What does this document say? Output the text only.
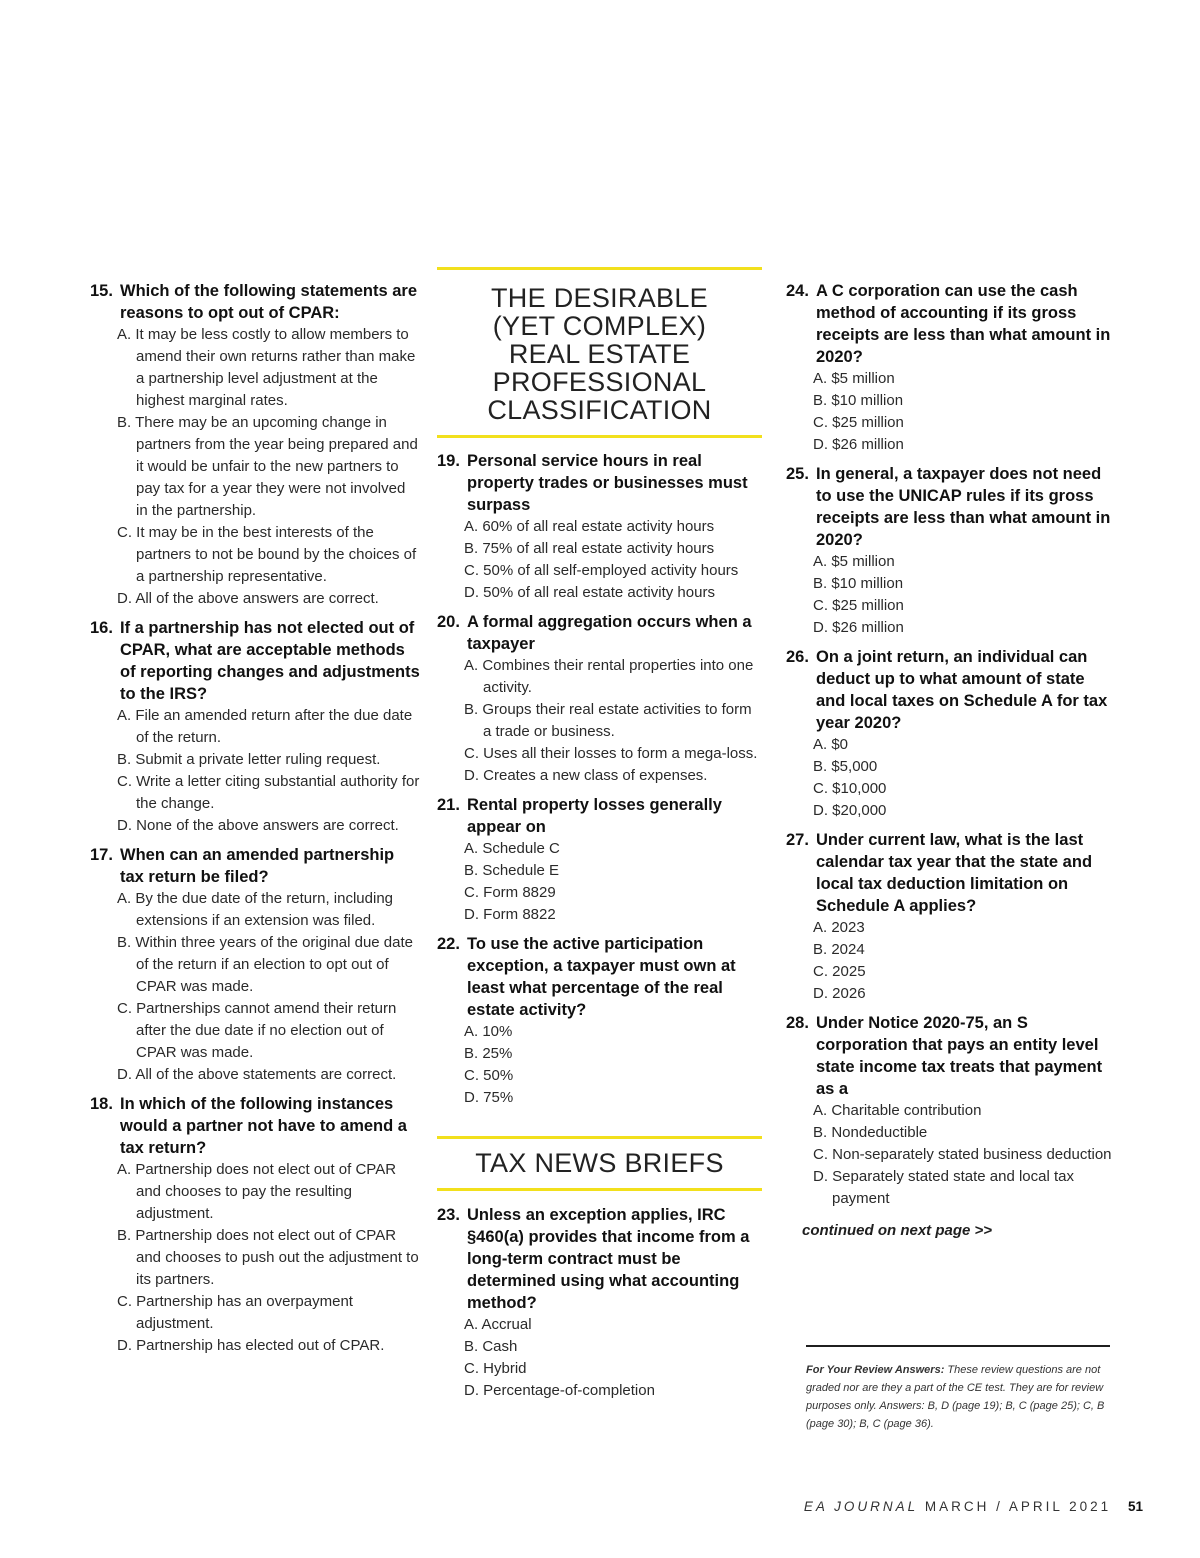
15. Which of the following statements are reasons to opt out of CPAR:
A. It may be less costly to allow members to amend their own returns rather than make a partnership level adjustment at the highest marginal rates.
B. There may be an upcoming change in partners from the year being prepared and it would be unfair to the new partners to pay tax for a year they were not involved in the partnership.
C. It may be in the best interests of the partners to not be bound by the choices of a partnership representative.
D. All of the above answers are correct.
16. If a partnership has not elected out of CPAR, what are acceptable methods of reporting changes and adjustments to the IRS?
A. File an amended return after the due date of the return.
B. Submit a private letter ruling request.
C. Write a letter citing substantial authority for the change.
D. None of the above answers are correct.
17. When can an amended partnership tax return be filed?
A. By the due date of the return, including extensions if an extension was filed.
B. Within three years of the original due date of the return if an election to opt out of CPAR was made.
C. Partnerships cannot amend their return after the due date if no election out of CPAR was made.
D. All of the above statements are correct.
18. In which of the following instances would a partner not have to amend a tax return?
A. Partnership does not elect out of CPAR and chooses to pay the resulting adjustment.
B. Partnership does not elect out of CPAR and chooses to push out the adjustment to its partners.
C. Partnership has an overpayment adjustment.
D. Partnership has elected out of CPAR.
THE DESIRABLE (YET COMPLEX) REAL ESTATE PROFESSIONAL CLASSIFICATION
19. Personal service hours in real property trades or businesses must surpass
A. 60% of all real estate activity hours
B. 75% of all real estate activity hours
C. 50% of all self-employed activity hours
D. 50% of all real estate activity hours
20. A formal aggregation occurs when a taxpayer
A. Combines their rental properties into one activity.
B. Groups their real estate activities to form a trade or business.
C. Uses all their losses to form a mega-loss.
D. Creates a new class of expenses.
21. Rental property losses generally appear on
A. Schedule C
B. Schedule E
C. Form 8829
D. Form 8822
22. To use the active participation exception, a taxpayer must own at least what percentage of the real estate activity?
A. 10%
B. 25%
C. 50%
D. 75%
TAX NEWS BRIEFS
23. Unless an exception applies, IRC §460(a) provides that income from a long-term contract must be determined using what accounting method?
A. Accrual
B. Cash
C. Hybrid
D. Percentage-of-completion
24. A C corporation can use the cash method of accounting if its gross receipts are less than what amount in 2020?
A. $5 million
B. $10 million
C. $25 million
D. $26 million
25. In general, a taxpayer does not need to use the UNICAP rules if its gross receipts are less than what amount in 2020?
A. $5 million
B. $10 million
C. $25 million
D. $26 million
26. On a joint return, an individual can deduct up to what amount of state and local taxes on Schedule A for tax year 2020?
A. $0
B. $5,000
C. $10,000
D. $20,000
27. Under current law, what is the last calendar tax year that the state and local tax deduction limitation on Schedule A applies?
A. 2023
B. 2024
C. 2025
D. 2026
28. Under Notice 2020-75, an S corporation that pays an entity level state income tax treats that payment as a
A. Charitable contribution
B. Nondeductible
C. Non-separately stated business deduction
D. Separately stated state and local tax payment
continued on next page >>
For Your Review Answers: These review questions are not graded nor are they a part of the CE test. They are for review purposes only. Answers: B, D (page 19); B, C (page 25); C, B (page 30); B, C (page 36).
EA JOURNAL MARCH / APRIL 2021 51
